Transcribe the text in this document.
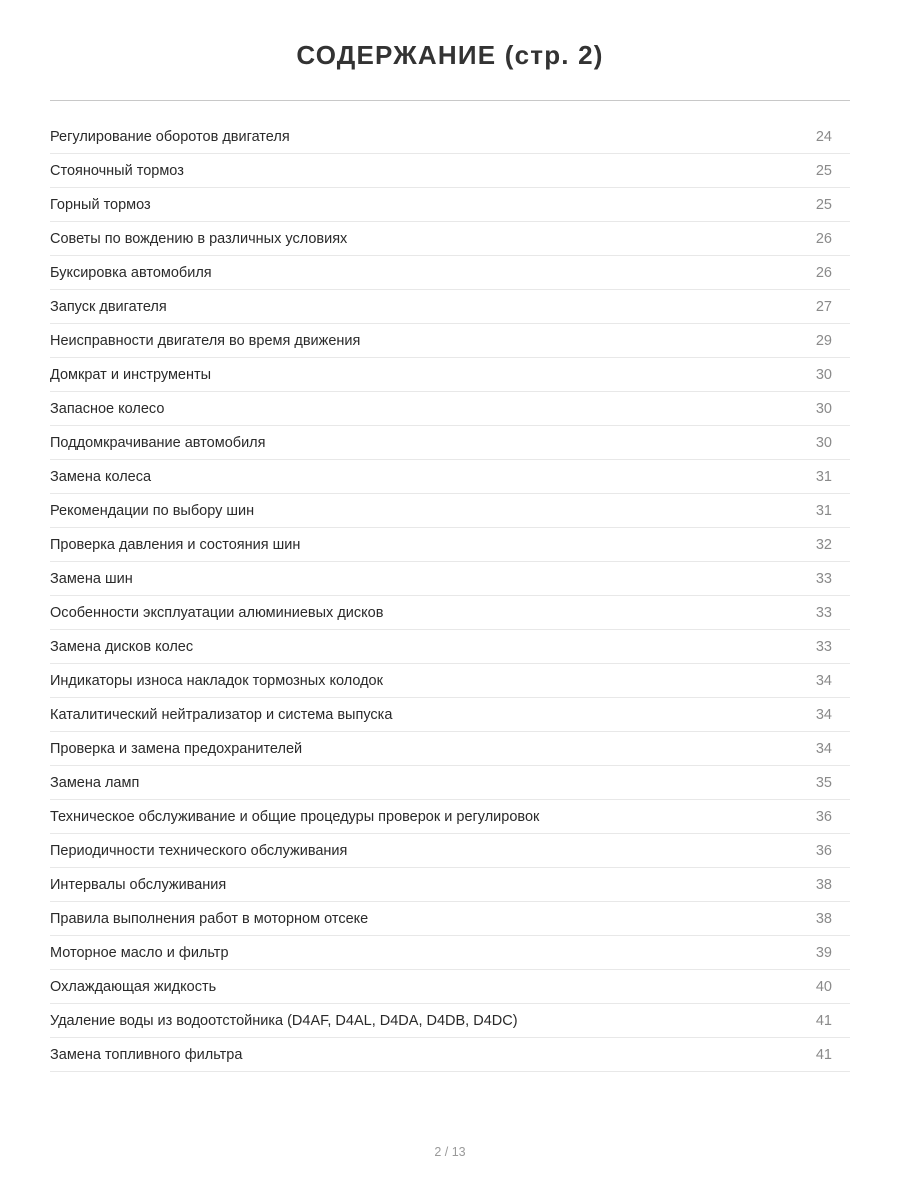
СОДЕРЖАНИЕ (стр. 2)
Регулирование оборотов двигателя	24
Стояночный тормоз	25
Горный тормоз	25
Советы по вождению в различных условиях	26
Буксировка автомобиля	26
Запуск двигателя	27
Неисправности двигателя во время движения	29
Домкрат и инструменты	30
Запасное колесо	30
Поддомкрачивание автомобиля	30
Замена колеса	31
Рекомендации по выбору шин	31
Проверка давления и состояния шин	32
Замена шин	33
Особенности эксплуатации алюминиевых дисков	33
Замена дисков колес	33
Индикаторы износа накладок тормозных колодок	34
Каталитический нейтрализатор и система выпуска	34
Проверка и замена предохранителей	34
Замена ламп	35
Техническое обслуживание и общие процедуры проверок и регулировок	36
Периодичности технического обслуживания	36
Интервалы обслуживания	38
Правила выполнения работ в моторном отсеке	38
Моторное масло и фильтр	39
Охлаждающая жидкость	40
Удаление воды из водоотстойника (D4AF, D4AL, D4DA, D4DB, D4DC)	41
Замена топливного фильтра	41
2 / 13
